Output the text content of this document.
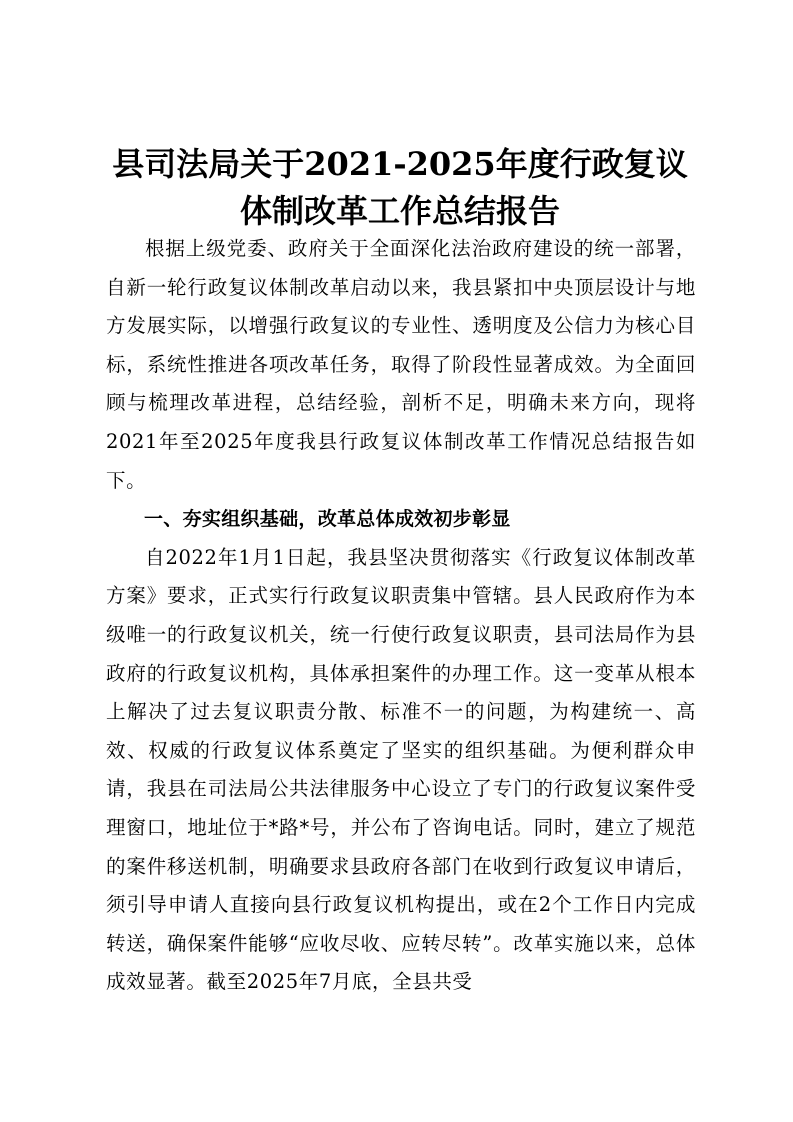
县司法局关于2021-2025年度行政复议体制改革工作总结报告

根据上级党委、政府关于全面深化法治政府建设的统一部署，自新一轮行政复议体制改革启动以来，我县紧扣中央顶层设计与地方发展实际，以增强行政复议的专业性、透明度及公信力为核心目标，系统性推进各项改革任务，取得了阶段性显著成效。为全面回顾与梳理改革进程，总结经验，剖析不足，明确未来方向，现将2021年至2025年度我县行政复议体制改革工作情况总结报告如下。

一、夯实组织基础，改革总体成效初步彰显

自2022年1月1日起，我县坚决贯彻落实《行政复议体制改革方案》要求，正式实行行政复议职责集中管辖。县人民政府作为本级唯一的行政复议机关，统一行使行政复议职责，县司法局作为县政府的行政复议机构，具体承担案件的办理工作。这一变革从根本上解决了过去复议职责分散、标准不一的问题，为构建统一、高效、权威的行政复议体系奠定了坚实的组织基础。为便利群众申请，我县在司法局公共法律服务中心设立了专门的行政复议案件受理窗口，地址位于*路*号，并公布了咨询电话。同时，建立了规范的案件移送机制，明确要求县政府各部门在收到行政复议申请后，须引导申请人直接向县行政复议机构提出，或在2个工作日内完成转送，确保案件能够“应收尽收、应转尽转”。改革实施以来，总体成效显著。截至2025年7月底，全县共受
